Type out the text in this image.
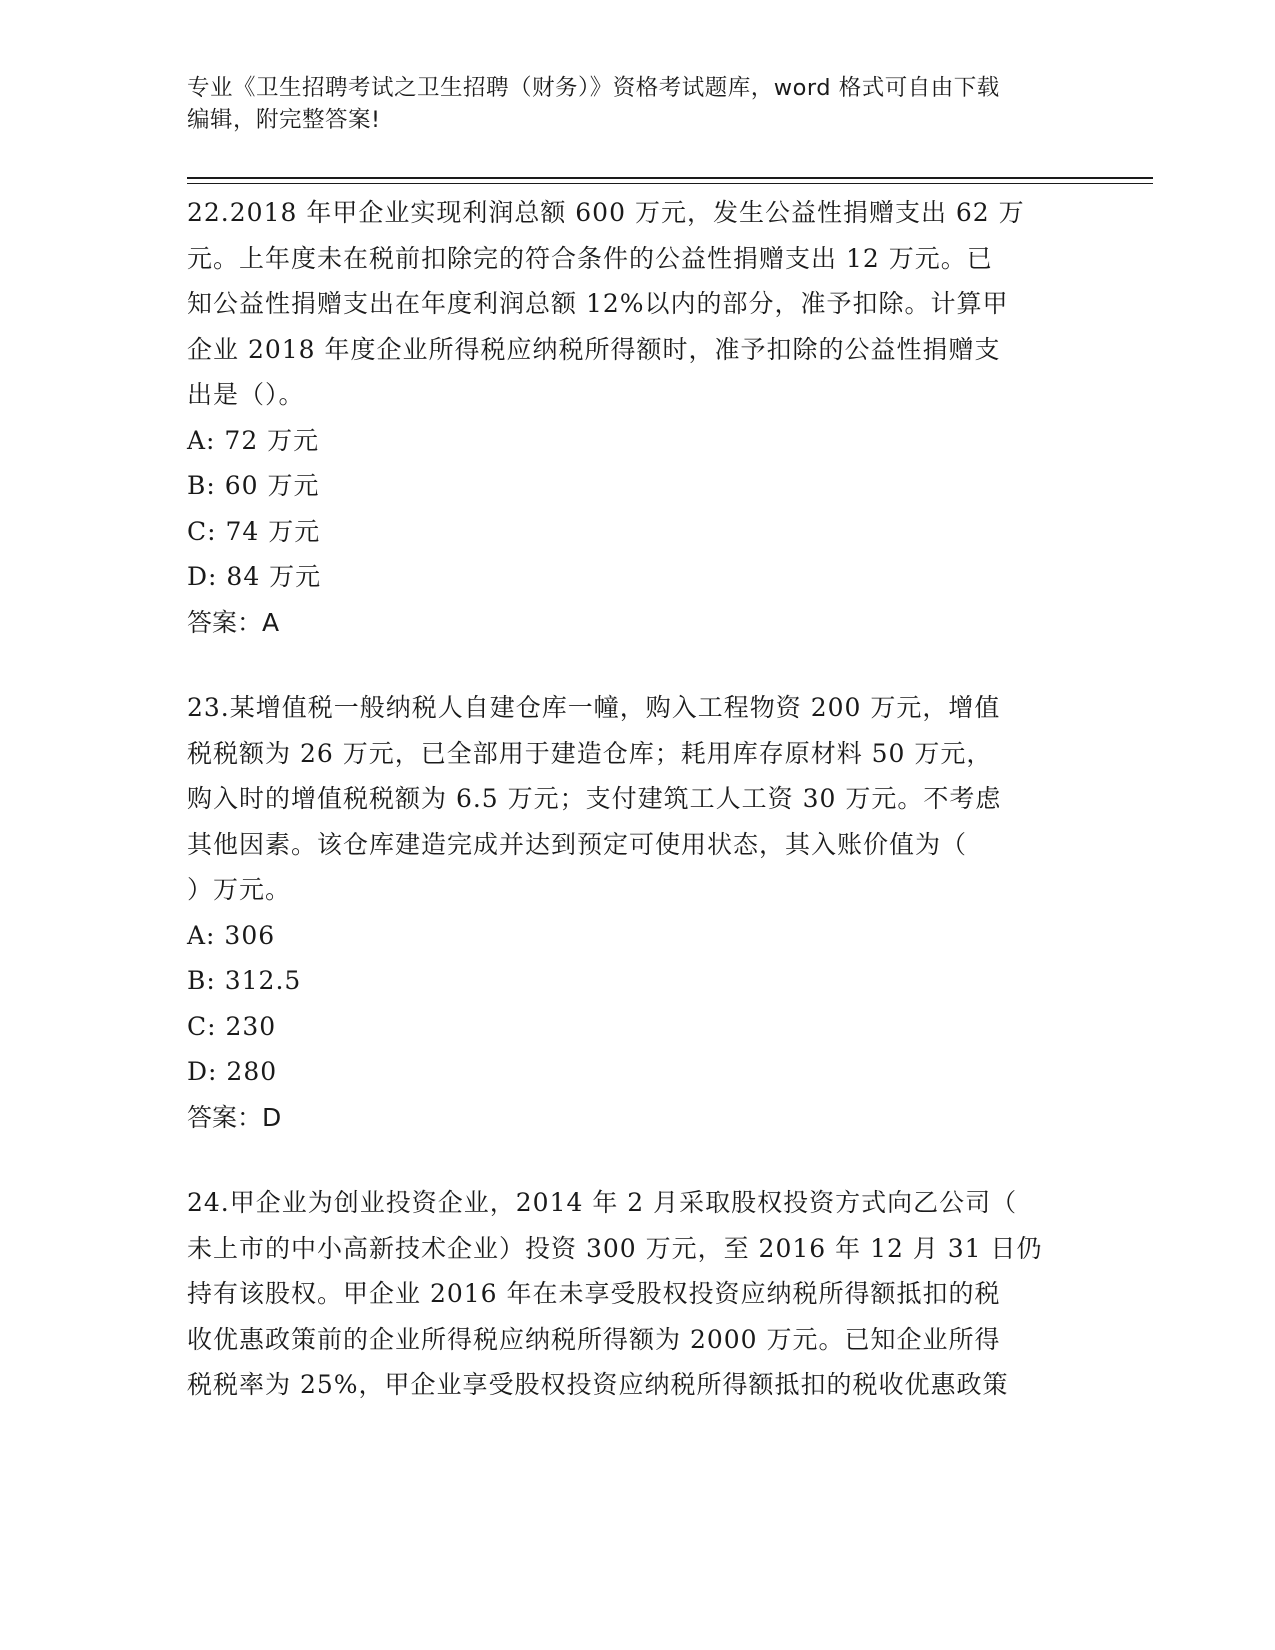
专业《卫生招聘考试之卫生招聘（财务）》资格考试题库，word 格式可自由下载
编辑，附完整答案!

22.2018 年甲企业实现利润总额 600 万元，发生公益性捐赠支出 62 万

元。上年度未在税前扣除完的符合条件的公益性捐赠支出 12 万元。已

知公益性捐赠支出在年度利润总额 12%以内的部分，准予扣除。计算甲

企业 2018 年度企业所得税应纳税所得额时，准予扣除的公益性捐赠支

出是（）。

A: 72 万元

B: 60 万元

C: 74 万元

D: 84 万元

答案：A

23.某增值税一般纳税人自建仓库一幢，购入工程物资 200 万元，增值

税税额为 26 万元，已全部用于建造仓库；耗用库存原材料 50 万元，

购入时的增值税税额为 6.5 万元；支付建筑工人工资 30 万元。不考虑

其他因素。该仓库建造完成并达到预定可使用状态，其入账价值为（

）万元。

A: 306

B: 312.5

C: 230

D: 280

答案：D

24.甲企业为创业投资企业，2014 年 2 月采取股权投资方式向乙公司（

未上市的中小高新技术企业）投资 300 万元，至 2016 年 12 月 31 日仍

持有该股权。甲企业 2016 年在未享受股权投资应纳税所得额抵扣的税

收优惠政策前的企业所得税应纳税所得额为 2000 万元。已知企业所得

税税率为 25%，甲企业享受股权投资应纳税所得额抵扣的税收优惠政策
